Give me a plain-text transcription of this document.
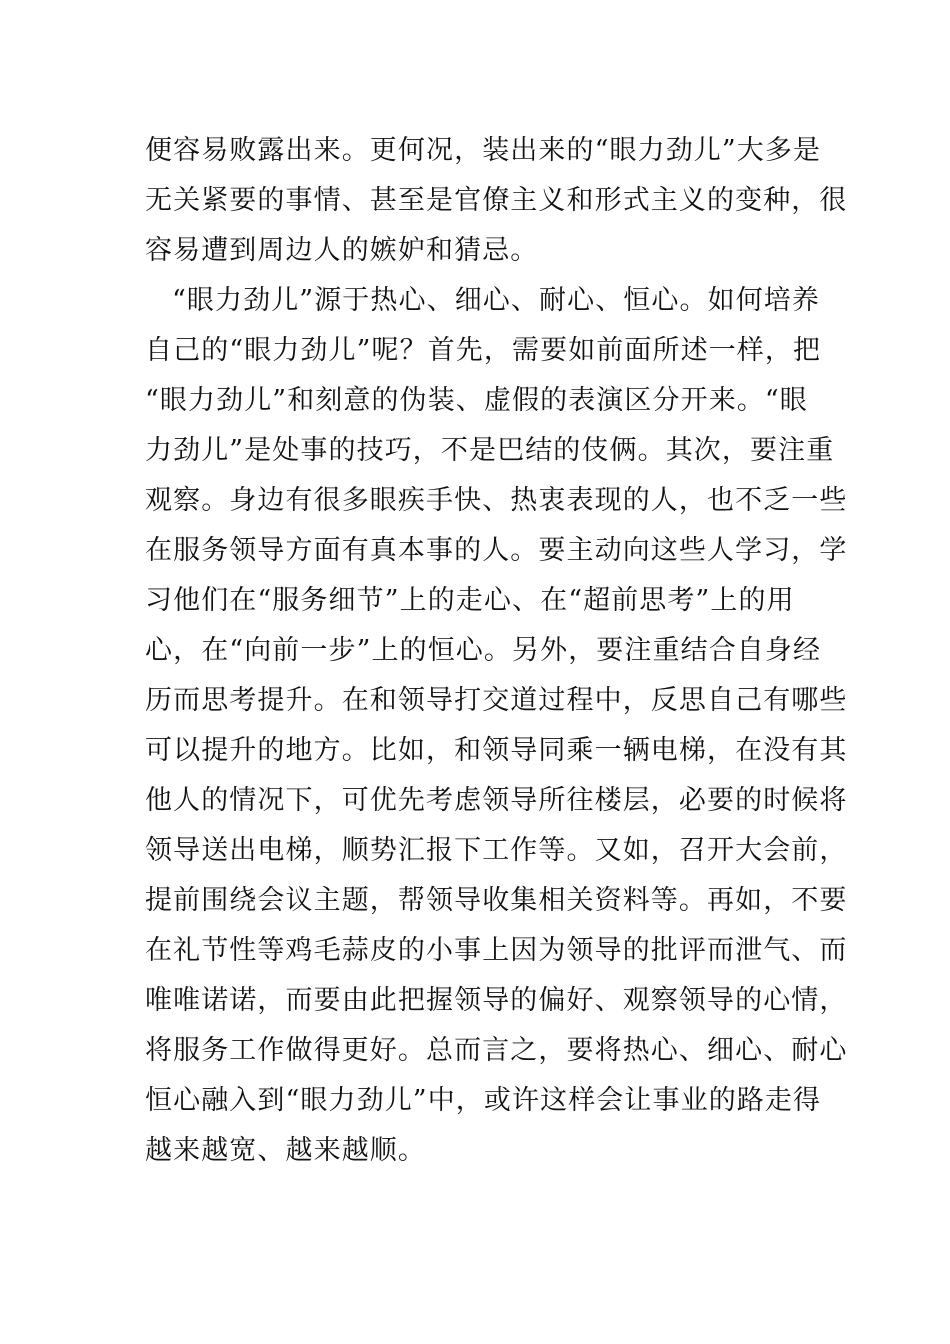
便容易败露出来。更何况，装出来的“眼力劲儿”大多是
无关紧要的事情、甚至是官僚主义和形式主义的变种，很
容易遭到周边人的嫉妒和猜忌。
“眼力劲儿”源于热心、细心、耐心、恒心。如何培养
自己的“眼力劲儿”呢？首先，需要如前面所述一样，把
“眼力劲儿”和刻意的伪装、虚假的表演区分开来。“眼
力劲儿”是处事的技巧，不是巴结的伎俩。其次，要注重
观察。身边有很多眼疾手快、热衷表现的人，也不乏一些
在服务领导方面有真本事的人。要主动向这些人学习，学
习他们在“服务细节”上的走心、在“超前思考”上的用
心，在“向前一步”上的恒心。另外，要注重结合自身经
历而思考提升。在和领导打交道过程中，反思自己有哪些
可以提升的地方。比如，和领导同乘一辆电梯，在没有其
他人的情况下，可优先考虑领导所往楼层，必要的时候将
领导送出电梯，顺势汇报下工作等。又如，召开大会前，
提前围绕会议主题，帮领导收集相关资料等。再如，不要
在礼节性等鸡毛蒜皮的小事上因为领导的批评而泄气、而
唯唯诺诺，而要由此把握领导的偏好、观察领导的心情，
将服务工作做得更好。总而言之，要将热心、细心、耐心
恒心融入到“眼力劲儿”中，或许这样会让事业的路走得
越来越宽、越来越顺。
